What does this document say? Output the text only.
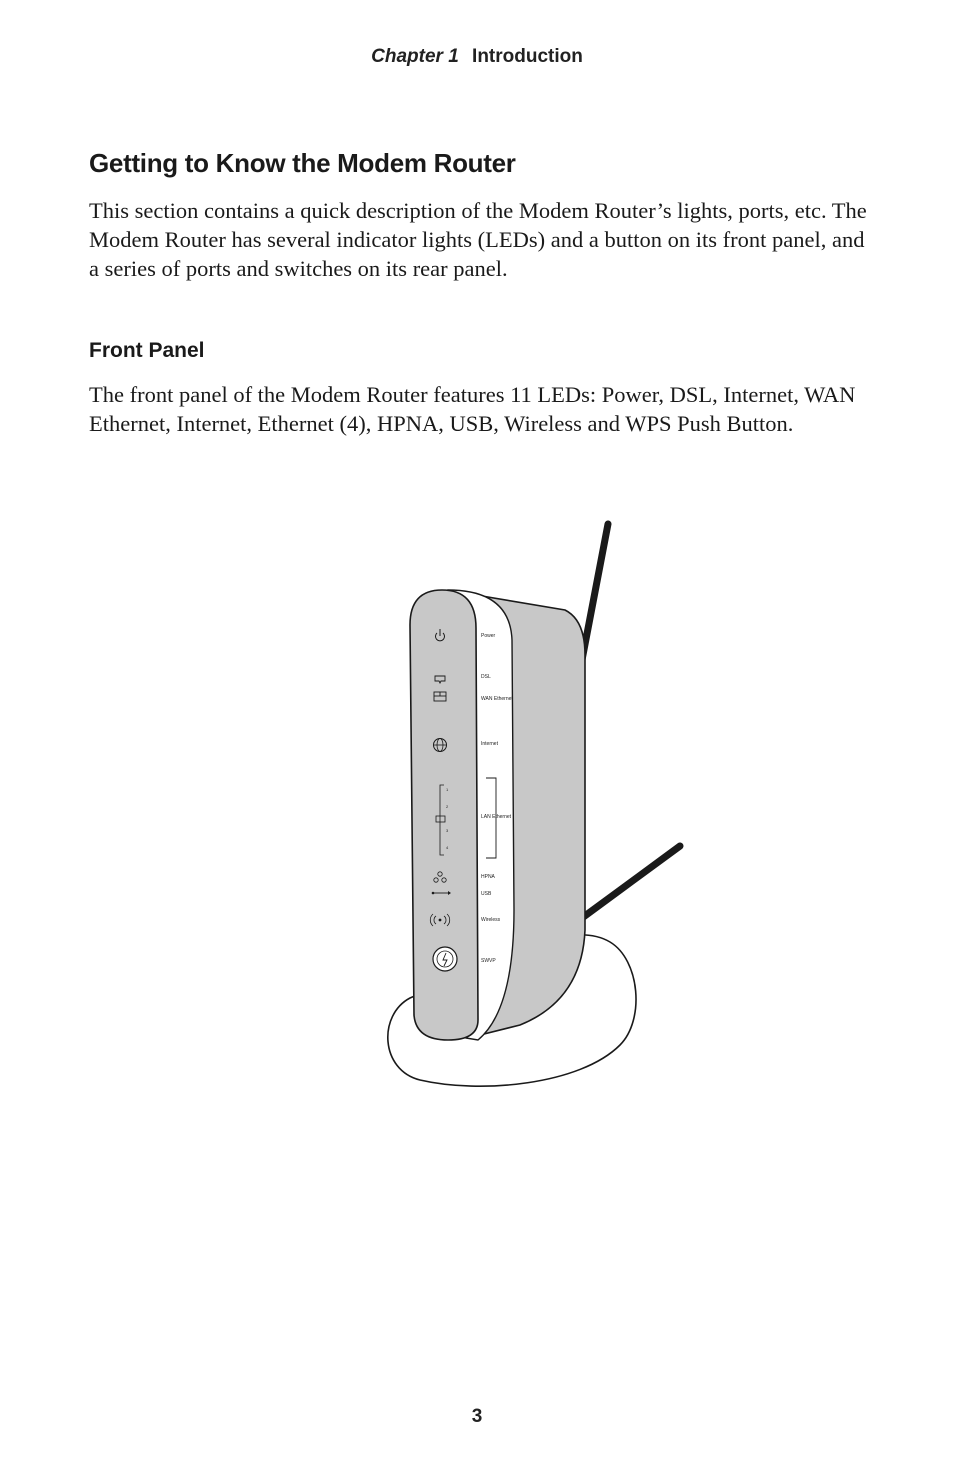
Chapter 1 Introduction
Getting to Know the Modem Router

This section contains a quick description of the Modem Router’s lights, ports, etc. The Modem Router has several indicator lights (LEDs) and a button on its front panel, and a series of ports and switches on its rear panel.

Front Panel

The front panel of the Modem Router features 11 LEDs: Power, DSL, Internet, WAN Ethernet, Internet, Ethernet (4), HPNA, USB, Wireless and WPS Push Button.

1
2
3
4
Power
DSL
WAN Ethernet
Internet
LAN Ethernet
HPNA
USB
Wireless
SWVP
3
